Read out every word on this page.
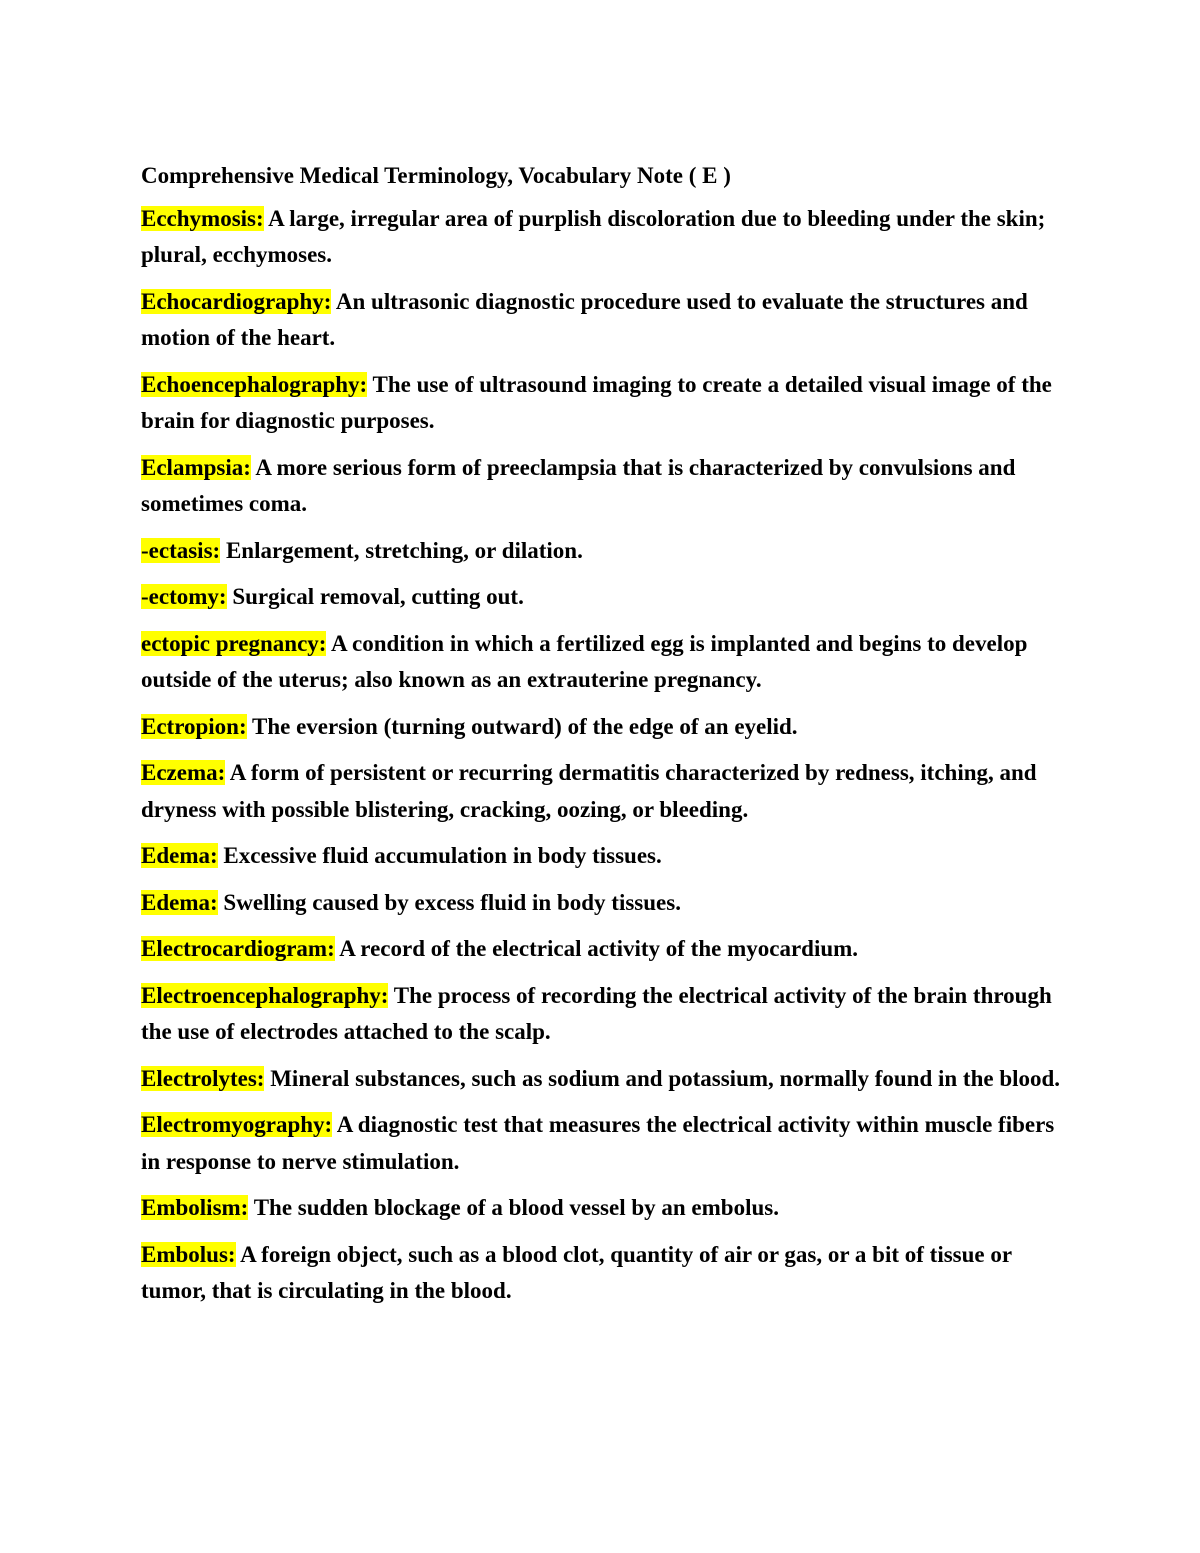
Comprehensive Medical Terminology, Vocabulary Note ( E )

Ecchymosis: A large, irregular area of purplish discoloration due to bleeding under the skin; plural, ecchymoses.

Echocardiography: An ultrasonic diagnostic procedure used to evaluate the structures and motion of the heart.

Echoencephalography: The use of ultrasound imaging to create a detailed visual image of the brain for diagnostic purposes.

Eclampsia: A more serious form of preeclampsia that is characterized by convulsions and sometimes coma.

-ectasis: Enlargement, stretching, or dilation.

-ectomy: Surgical removal, cutting out.

ectopic pregnancy: A condition in which a fertilized egg is implanted and begins to develop outside of the uterus; also known as an extrauterine pregnancy.

Ectropion: The eversion (turning outward) of the edge of an eyelid.

Eczema: A form of persistent or recurring dermatitis characterized by redness, itching, and dryness with possible blistering, cracking, oozing, or bleeding.

Edema: Excessive fluid accumulation in body tissues.

Edema: Swelling caused by excess fluid in body tissues.

Electrocardiogram: A record of the electrical activity of the myocardium.

Electroencephalography: The process of recording the electrical activity of the brain through the use of electrodes attached to the scalp.

Electrolytes: Mineral substances, such as sodium and potassium, normally found in the blood.

Electromyography: A diagnostic test that measures the electrical activity within muscle fibers in response to nerve stimulation.

Embolism: The sudden blockage of a blood vessel by an embolus.

Embolus: A foreign object, such as a blood clot, quantity of air or gas, or a bit of tissue or tumor, that is circulating in the blood.
